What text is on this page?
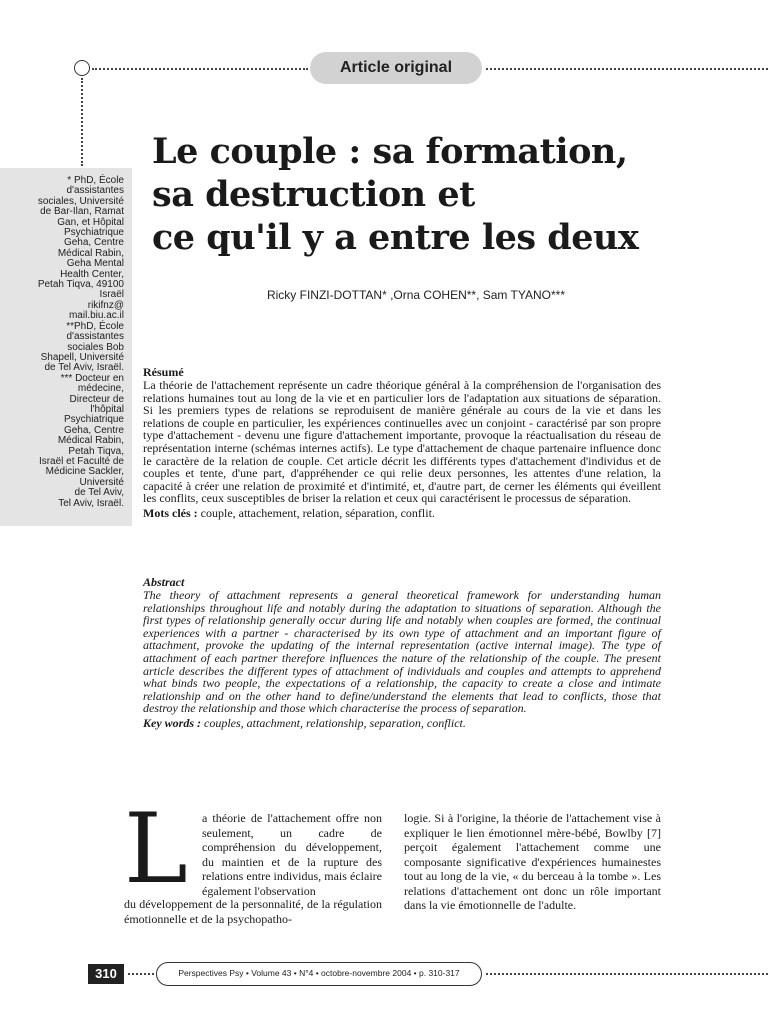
Article original

* PhD, École
d'assistantes
sociales, Université
de Bar-Ilan, Ramat
Gan, et Hôpital
Psychiatrique
Geha, Centre
Médical Rabin,
Geha Mental
Health Center,
Petah Tiqva, 49100
Israël
rikifnz@
mail.biu.ac.il
**PhD, École
d'assistantes
sociales Bob
Shapell, Université
de Tel Aviv, Israël.
*** Docteur en
médecine,
Directeur de
l'hôpital
Psychiatrique
Geha, Centre
Médical Rabin,
Petah Tiqva,
Israël et Faculté de
Médicine Sackler,
Université
de Tel Aviv,
Tel Aviv, Israël.

Le couple : sa formation,
sa destruction et
ce qu'il y a entre les deux
Ricky FINZI-DOTTAN* ,Orna COHEN**, Sam TYANO***
Résumé

La théorie de l'attachement représente un cadre théorique général à la compréhension de l'organisation des relations humaines tout au long de la vie et en particulier lors de l'adaptation aux situations de séparation. Si les premiers types de relations se reproduisent de manière générale au cours de la vie et dans les relations de couple en particulier, les expériences continuelles avec un conjoint - caractérisé par son propre type d'attachement - devenu une figure d'attachement importante, provoque la réactualisation du réseau de représentation interne (schémas internes actifs). Le type d'attachement de chaque partenaire influence donc le caractère de la relation de couple. Cet article décrit les différents types d'attachement d'individus et de couples et tente, d'une part, d'appréhender ce qui relie deux personnes, les attentes d'une relation, la capacité à créer une relation de proximité et d'intimité, et, d'autre part, de cerner les éléments qui éveillent les conflits, ceux susceptibles de briser la relation et ceux qui caractérisent le processus de séparation.

Mots clés : couple, attachement, relation, séparation, conflit.
Abstract

The theory of attachment represents a general theoretical framework for understanding human relationships throughout life and notably during the adaptation to situations of separation. Although the first types of relationship generally occur during life and notably when couples are formed, the continual experiences with a partner - characterised by its own type of attachment and an important figure of attachment, provoke the updating of the internal representation (active internal image). The type of attachment of each partner therefore influences the nature of the relationship of the couple. The present article describes the different types of attachment of individuals and couples and attempts to apprehend what binds two people, the expectations of a relationship, the capacity to create a close and intimate relationship and on the other hand to define/understand the elements that lead to conflicts, those that destroy the relationship and those which characterise the process of separation.

Key words : couples, attachment, relationship, separation, conflict.
L a théorie de l'attachement offre non seulement, un cadre de compréhension du développement, du maintien et de la rupture des relations entre individus, mais éclaire également l'observation
du développement de la personnalité, de la régulation émotionnelle et de la psychopatho-
logie. Si à l'origine, la théorie de l'attachement vise à expliquer le lien émotionnel mère-bébé, Bowlby [7] perçoit également l'attachement comme une composante significative d'expériences humainestes tout au long de la vie, « du berceau à la tombe ». Les relations d'attachement ont donc un rôle important dans la vie émotionnelle de l'adulte.
310	Perspectives Psy • Volume 43 • N°4 • octobre-novembre 2004 • p. 310-317
